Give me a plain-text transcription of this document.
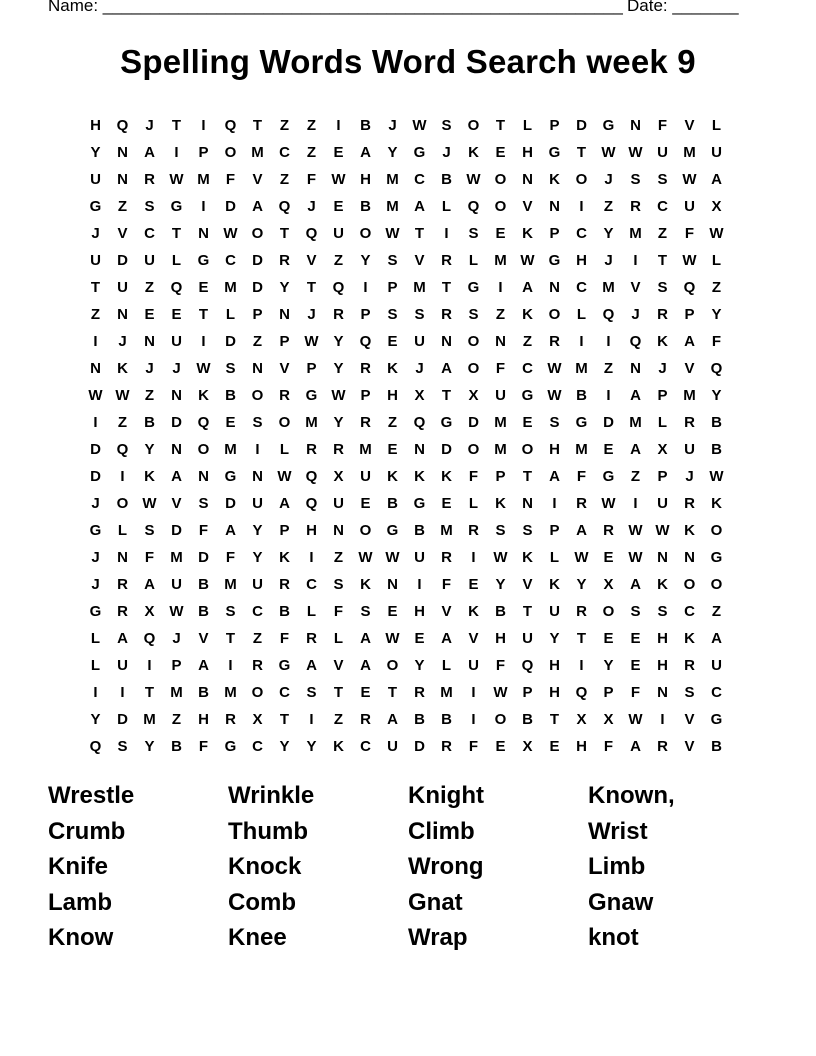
Name: _______________________________________________________ Date: _______
Spelling Words Word Search week 9
H	Q	J	T	I	Q	T	Z	Z	I	B	J	W S	O	T	L	P	D	G	N	F	V	L
Y	N	A	I	P	O M	C	Z	E	A	Y	G	J	K	E	H	G	T	W W U	M	U
U	N	R W M	F	V	Z	F	W H	M	C	B W O	N	K	O	J	S	S W A
G	Z	S	G	I	D	A	Q	J	E	B	M	A	L	Q	O	V	N	I	Z	R	C	U	X
J	V	C	T	N W O	T	Q	U	O W	T	I	S	E	K	P	C	Y	M	Z	F	W
U	D	U	L	G	C	D	R	V	Z	Y	S	V	R	L	M W G	H	J	I	T	W	L
T	U	Z	Q	E	M	D	Y	T	Q	I	P	M	T	G	I	A	N	C	M	V	S	Q	Z
Z	N	E	E	T	L	P	N	J	R	P	S	S	R	S	Z	K	O	L	Q	J	R	P	Y
I	J	N	U	I	D	Z	P W Y	Q	E	U	N	O	N	Z	R	I	I	Q	K	A	F
N	K	J	J	W S	N	V	P	Y	R	K	J	A	O	F	C W M	Z	N	J	V	Q
W W	Z	N	K	B	O	R	G W P	H	X	T	X	U	G W B	I	A	P	M	Y
I	Z	B	D	Q	E	S	O M	Y	R	Z	Q	G	D	M	E	S	G	D	M	L	R	B
D	Q	Y	N	O M	I	L	R	R	M	E	N	D	O M O	H	M	E	A	X	U	B
D	I	K	A	N	G	N W Q	X	U	K	K	K	F	P	T	A	F	G	Z	P	J	W
J	O W V	S	D	U	A	Q	U	E	B	G	E	L	K	N	I	R W	I	U	R	K
G	L	S	D	F	A	Y	P	H	N	O	G	B	M	R	S	S	P	A	R W W K	O
J	N	F	M	D	F	Y	K	I	Z	W W U	R	I	W K	L	W E W N	N	G
J	R	A	U	B	M	U	R	C	S	K	N	I	F	E	Y	V	K	Y	X	A	K	O	O
G	R	X W B	S	C	B	L	F	S	E	H	V	K	B	T	U	R	O	S	S	C	Z
L	A	Q	J	V	T	Z	F	R	L	A W E	A	V	H	U	Y	T	E	E	H	K	A
L	U	I	P	A	I	R	G	A	V	A	O	Y	L	U	F	Q	H	I	Y	E	H	R	U
I	I	T	M	B	M O	C	S	T	E	T	R	M	I	W P	H	Q	P	F	N	S	C
Y	D	M	Z	H	R	X	T	I	Z	R	A	B	B	I	O	B	T	X	X W	I	V	G
Q	S	Y	B	F	G	C	Y	Y	K	C	U	D	R	F	E	X	E	H	F	A	R	V	B
Wrestle	Wrinkle	Knight	Known,
Crumb	Thumb	Climb	Wrist
Knife	Knock	Wrong	Limb
Lamb	Comb	Gnat	Gnaw
Know	Knee	Wrap	knot
